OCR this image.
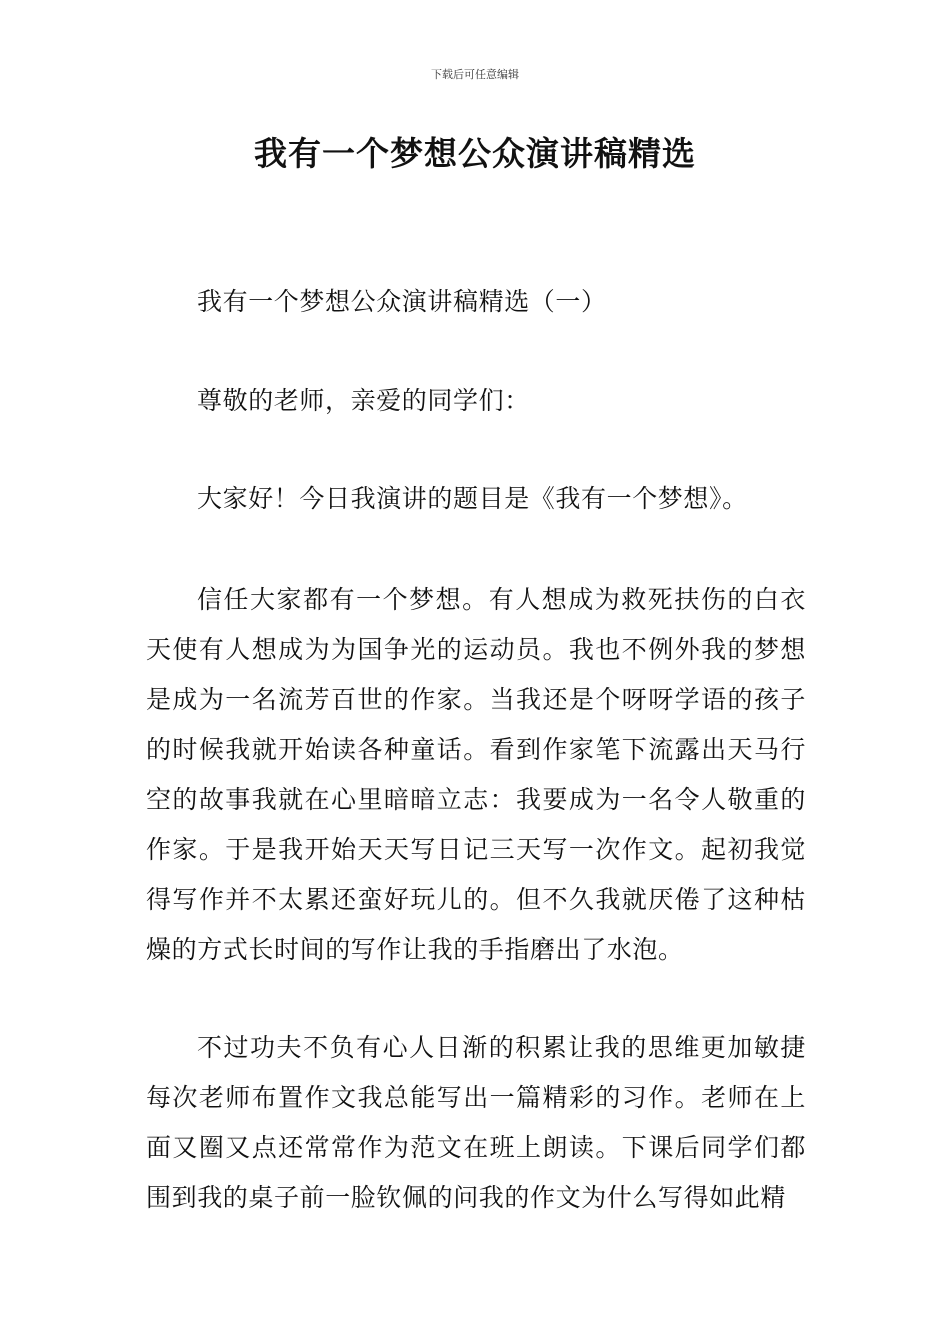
下载后可任意编辑
我有一个梦想公众演讲稿精选

我有一个梦想公众演讲稿精选（一）

尊敬的老师，亲爱的同学们：

大家好！今日我演讲的题目是《我有一个梦想》。

信任大家都有一个梦想。有人想成为救死扶伤的白衣天使有人想成为为国争光的运动员。我也不例外我的梦想是成为一名流芳百世的作家。当我还是个呀呀学语的孩子的时候我就开始读各种童话。看到作家笔下流露出天马行空的故事我就在心里暗暗立志：我要成为一名令人敬重的作家。于是我开始天天写日记三天写一次作文。起初我觉得写作并不太累还蛮好玩儿的。但不久我就厌倦了这种枯燥的方式长时间的写作让我的手指磨出了水泡。

不过功夫不负有心人日渐的积累让我的思维更加敏捷每次老师布置作文我总能写出一篇精彩的习作。老师在上面又圈又点还常常作为范文在班上朗读。下课后同学们都围到我的桌子前一脸钦佩的问我的作文为什么写得如此精
